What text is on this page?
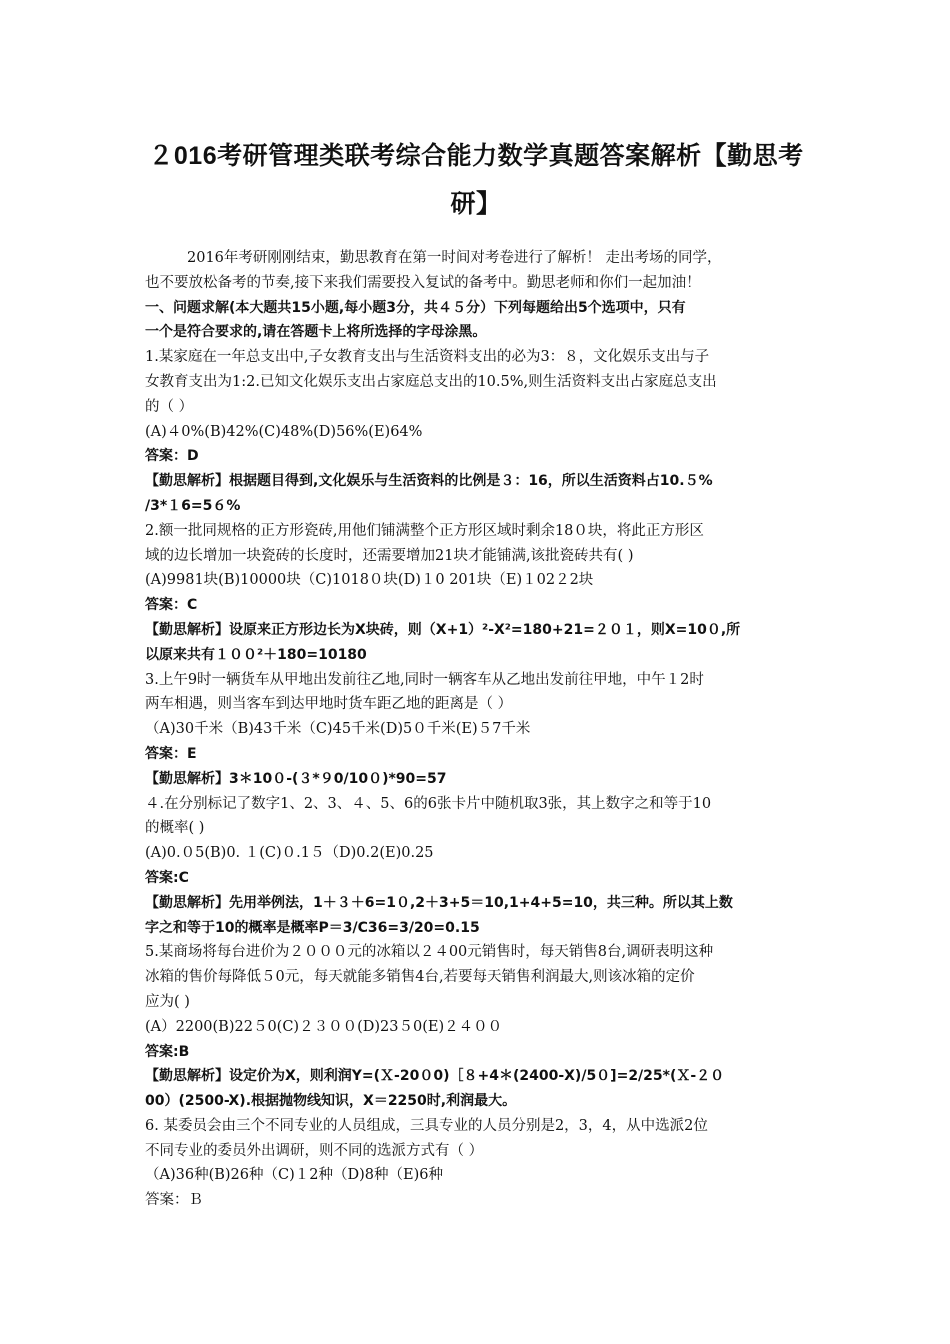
２016考研管理类联考综合能力数学真题答案解析【勤思考
研】
2016年考研刚刚结束，勤思教育在第一时间对考卷进行了解析！ 走出考场的同学，
也不要放松备考的节奏,接下来我们需要投入复试的备考中。勤思老师和你们一起加油！
一、问题求解(本大题共15小题,每小题3分，共４５分）下列每题给出5个选项中，只有
一个是符合要求的,请在答题卡上将所选择的字母涂黑。
1.某家庭在一年总支出中,子女教育支出与生活资料支出的必为3：８，文化娱乐支出与子
女教育支出为1:2.已知文化娱乐支出占家庭总支出的10.5%,则生活资料支出占家庭总支出
的（ ）
(A)４0%(B)42%(C)48%(D)56%(E)64%
答案：D
【勤思解析】根据题目得到,文化娱乐与生活资料的比例是３：16，所以生活资料占10.５%
/3*１6=5６%
2.额一批同规格的正方形瓷砖,用他们铺满整个正方形区域时剩余18０块，将此正方形区
域的边长增加一块瓷砖的长度时，还需要增加21块才能铺满,该批瓷砖共有( )
(A)9981块(B)10000块（C)1018０块(D)１0 201块（E)１02２2块
答案：C
【勤思解析】设原来正方形边长为X块砖，则（X+1）²-X²=180+21=２０１，则X=10０,所
以原来共有１００²＋180=10180
3.上午9时一辆货车从甲地出发前往乙地,同时一辆客车从乙地出发前往甲地，中午１2时
两车相遇，则当客车到达甲地时货车距乙地的距离是（ ）
（A)30千米（B)43千米（C)45千米(D)5０千米(E)５7千米
答案：E
【勤思解析】3＊10０-(３*９0/10０)*90=57
４.在分别标记了数字1、2、3、４、5、6的6张卡片中随机取3张，其上数字之和等于10
的概率( )
(A)0.０5(B)0. １(C)０.1５（D)0.2(E)0.25
答案:C
【勤思解析】先用举例法，1＋３＋6=1０,2＋3+5＝10,1+4+5=10，共三种。所以其上数
字之和等于10的概率是概率P＝3/C36=3/20=0.15
5.某商场将每台进价为２０００元的冰箱以２４00元销售时，每天销售8台,调研表明这种
冰箱的售价每降低５0元，每天就能多销售4台,若要每天销售利润最大,则该冰箱的定价
应为( )
(A）2200(B)22５0(C)２３００(D)23５0(E)２４００
答案:B
【勤思解析】设定价为X，则利润Y=(Ｘ-20０0)［８+4＊(2400-X)/5０]=2/25*(Ｘ-２０
00）(2500-X).根据抛物线知识，X＝2250时,利润最大。
6. 某委员会由三个不同专业的人员组成，三具专业的人员分别是2，3，4，从中选派2位
不同专业的委员外出调研，则不同的选派方式有（ ）
（A)36种(B)26种（C)１2种（D)8种（E)6种
答案：Ｂ
